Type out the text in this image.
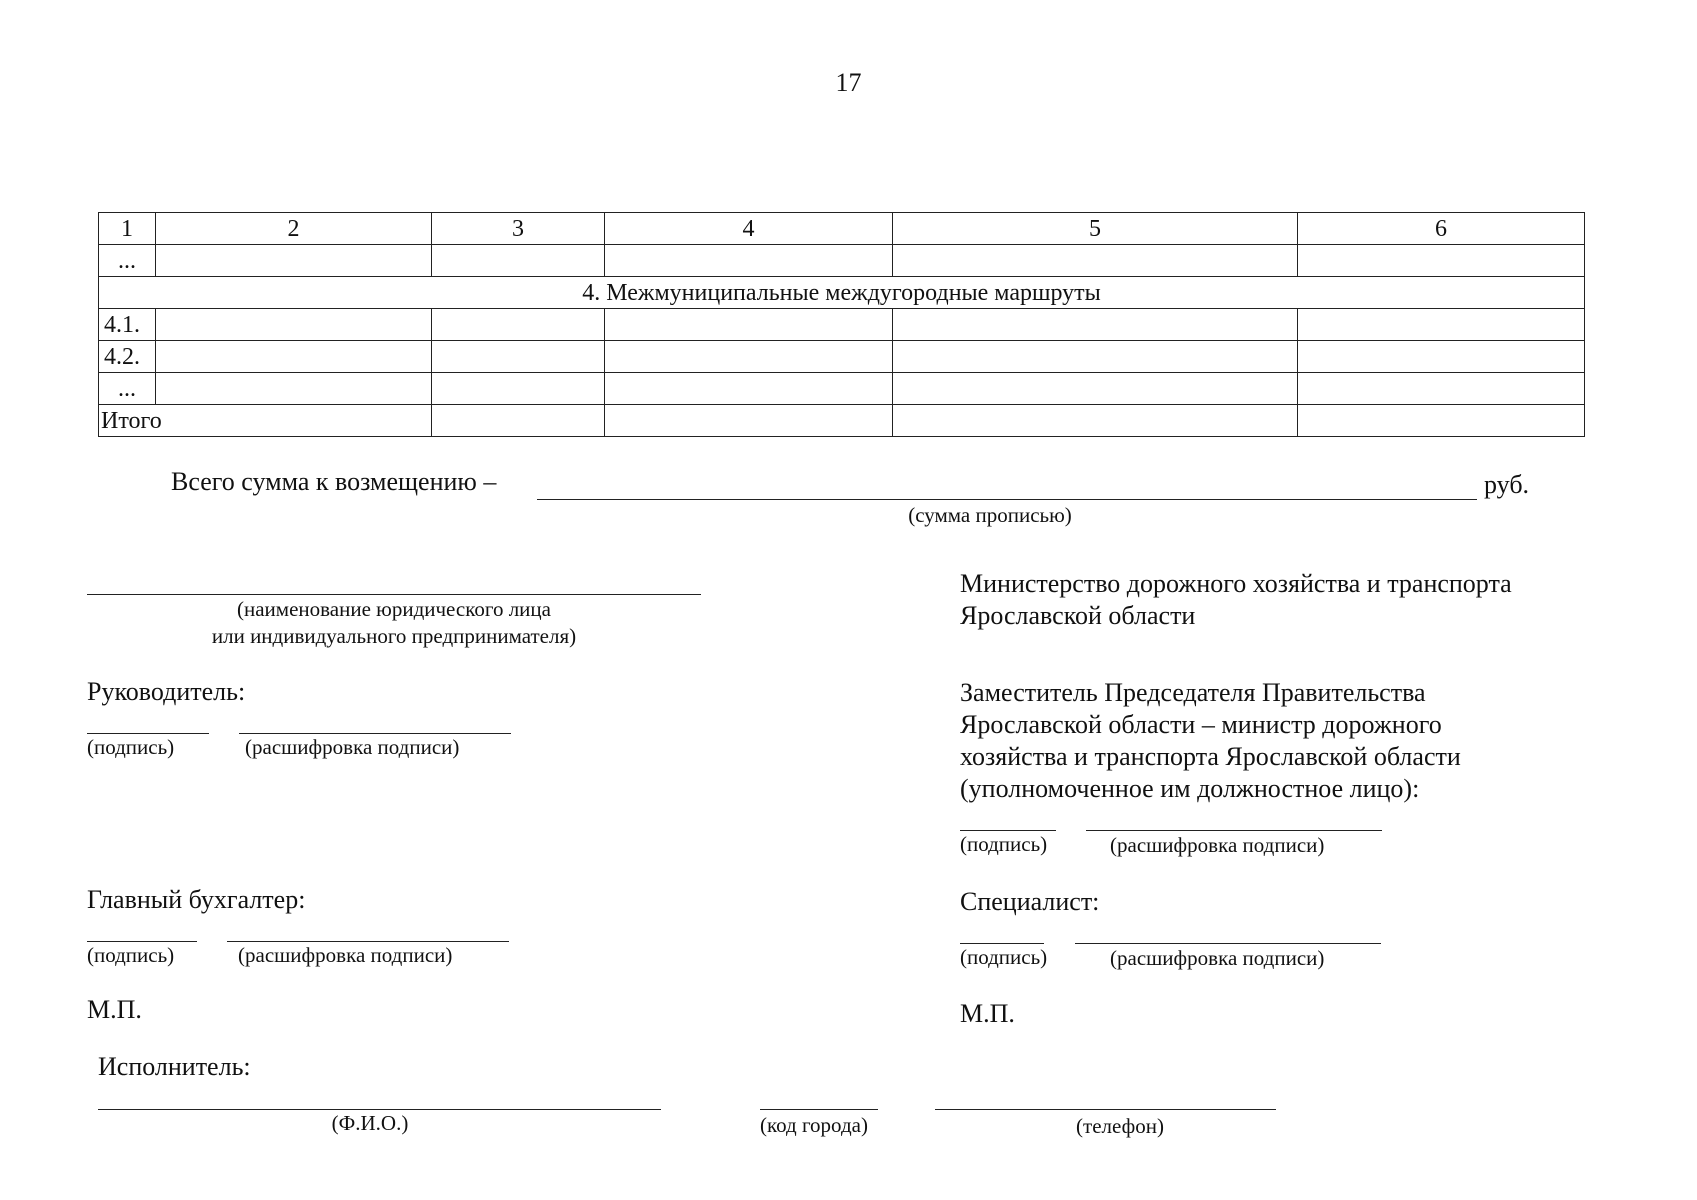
17
1	2	3	4	5	6
...					
4. Межмуниципальные междугородные маршруты					
4.1.					
4.2.					
...					
Итого					
Всего сумма к возмещению –	руб.
(сумма прописью)
(наименование юридического лица
или индивидуального предпринимателя)
Руководитель:
(подпись)	(расшифровка подписи)
Главный бухгалтер:
(подпись)	(расшифровка подписи)
М.П.
Министерство дорожного хозяйства и транспорта
Ярославской области
Заместитель Председателя Правительства
Ярославской области – министр дорожного
хозяйства и транспорта Ярославской области
(уполномоченное им должностное лицо):
(подпись)	(расшифровка подписи)
Специалист:
(подпись)	(расшифровка подписи)
М.П.
Исполнитель:
(Ф.И.О.)	(код города)	(телефон)
